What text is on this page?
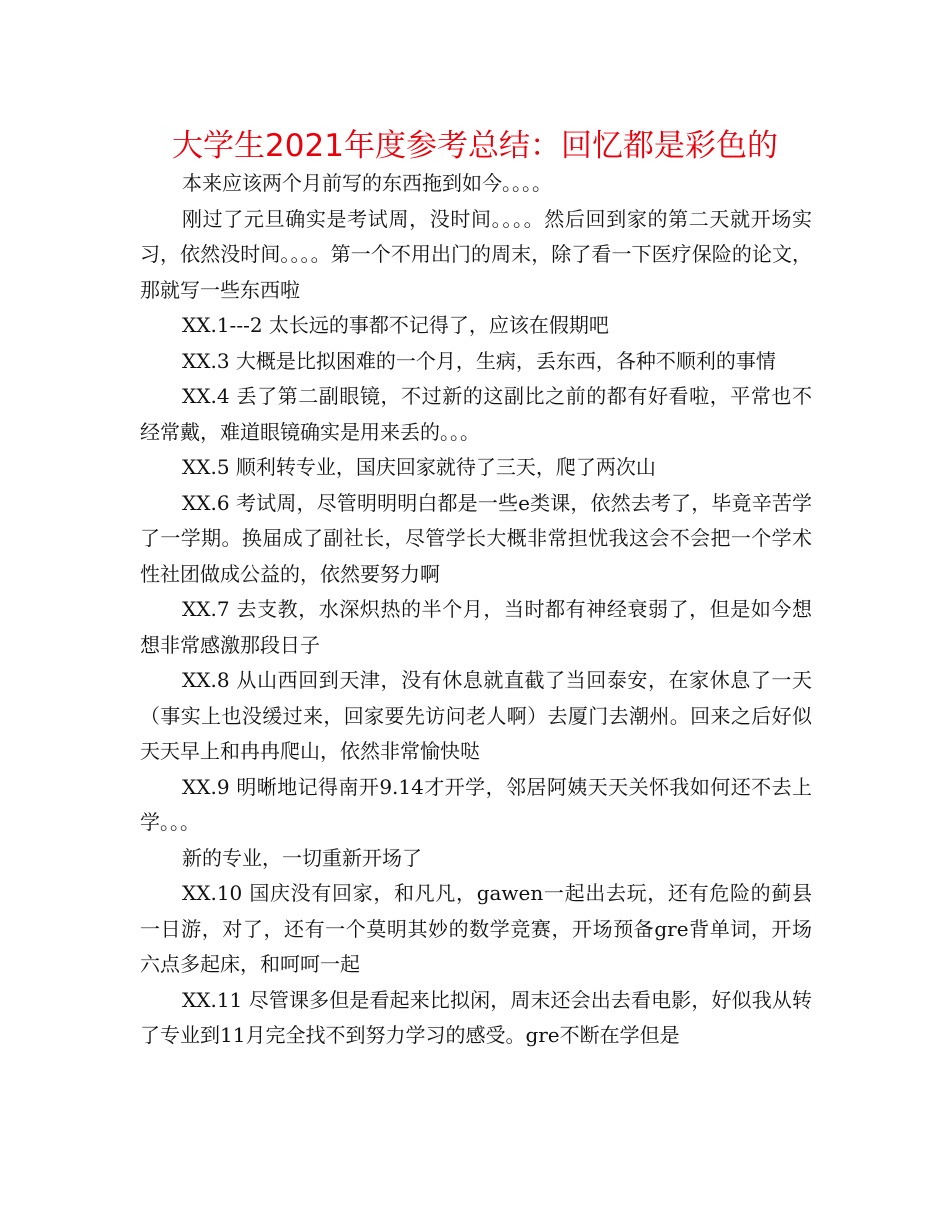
大学生2021年度参考总结：回忆都是彩色的

本来应该两个月前写的东西拖到如今。。。。

刚过了元旦确实是考试周，没时间。。。。然后回到家的第二天就开场实习，依然没时间。。。。第一个不用出门的周末，除了看一下医疗保险的论文，那就写一些东西啦

XX.1---2 太长远的事都不记得了，应该在假期吧

XX.3 大概是比拟困难的一个月，生病，丢东西，各种不顺利的事情

XX.4 丢了第二副眼镜，不过新的这副比之前的都有好看啦，平常也不经常戴，难道眼镜确实是用来丢的。。。

XX.5 顺利转专业，国庆回家就待了三天，爬了两次山

XX.6 考试周，尽管明明明白都是一些e类课，依然去考了，毕竟辛苦学了一学期。换届成了副社长，尽管学长大概非常担忧我这会不会把一个学术性社团做成公益的，依然要努力啊

XX.7 去支教，水深炽热的半个月，当时都有神经衰弱了，但是如今想想非常感激那段日子

XX.8 从山西回到天津，没有休息就直截了当回泰安，在家休息了一天（事实上也没缓过来，回家要先访问老人啊）去厦门去潮州。回来之后好似天天早上和冉冉爬山，依然非常愉快哒

XX.9 明晰地记得南开9.14才开学，邻居阿姨天天关怀我如何还不去上学。。。

新的专业，一切重新开场了

XX.10 国庆没有回家，和凡凡，gawen一起出去玩，还有危险的蓟县一日游，对了，还有一个莫明其妙的数学竞赛，开场预备gre背单词，开场六点多起床，和呵呵一起

XX.11 尽管课多但是看起来比拟闲，周末还会出去看电影，好似我从转了专业到11月完全找不到努力学习的感受。gre不断在学但是
